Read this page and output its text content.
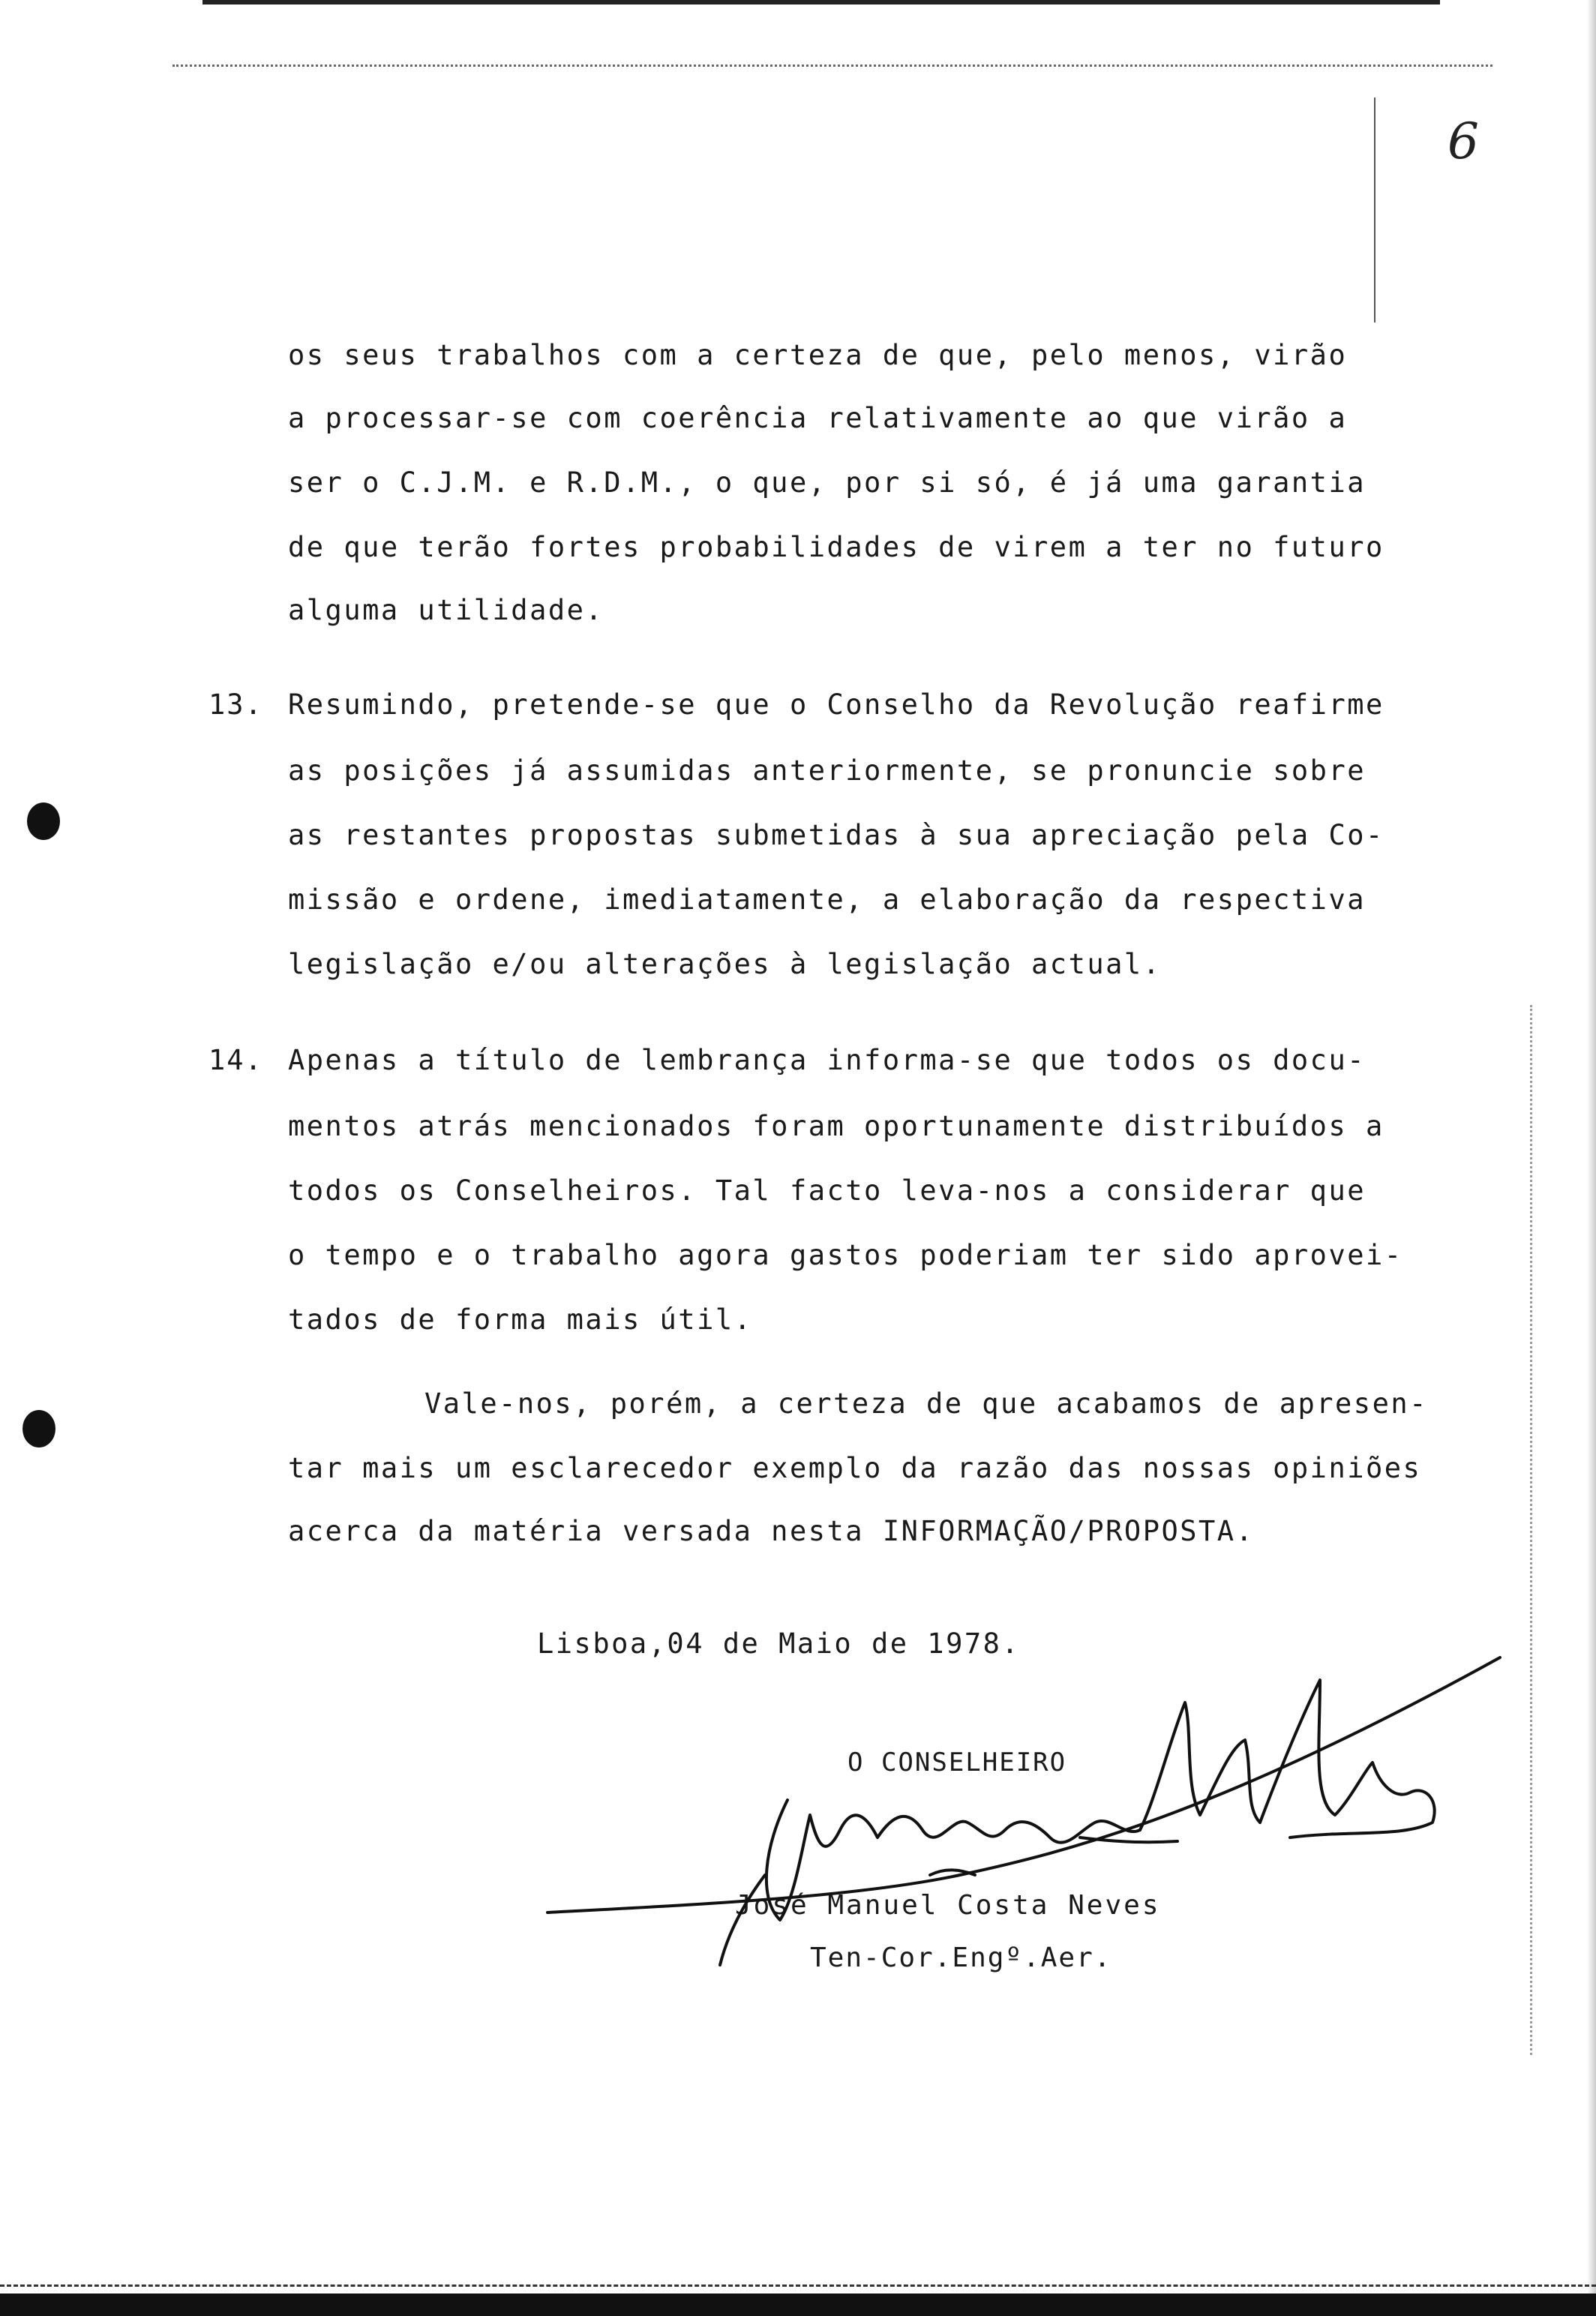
6
os seus trabalhos com a certeza de que, pelo menos, virão
a processar-se com coerência relativamente ao que virão a
ser o C.J.M. e R.D.M., o que, por si só, é já uma garantia
de que terão fortes probabilidades de virem a ter no futuro
alguma utilidade.
13. Resumindo, pretende-se que o Conselho da Revolução reafirme
as posições já assumidas anteriormente, se pronuncie sobre
as restantes propostas submetidas à sua apreciação pela Co-
missão e ordene, imediatamente, a elaboração da respectiva
legislação e/ou alterações à legislação actual.
14. Apenas a título de lembrança informa-se que todos os docu-
mentos atrás mencionados foram oportunamente distribuídos a
todos os Conselheiros. Tal facto leva-nos a considerar que
o tempo e o trabalho agora gastos poderiam ter sido aprovei-
tados de forma mais útil.
Vale-nos, porém, a certeza de que acabamos de apresen-
tar mais um esclarecedor exemplo da razão das nossas opiniões
acerca da matéria versada nesta INFORMAÇÃO/PROPOSTA.
Lisboa,04 de Maio de 1978.
O CONSELHEIRO
José Manuel Costa Neves
Ten-Cor.Engº.Aer.
